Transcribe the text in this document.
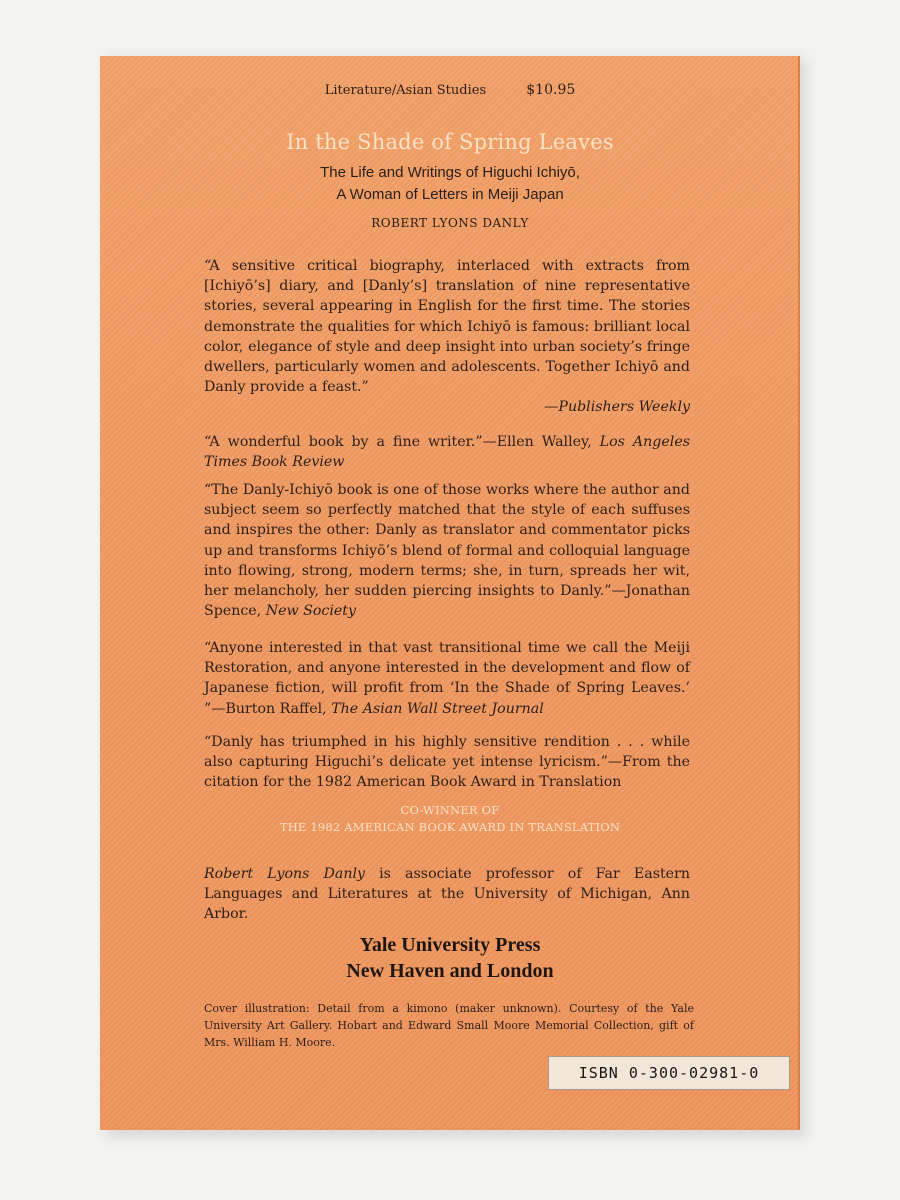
Literature/Asian Studies	$10.95
In the Shade of Spring Leaves
The Life and Writings of Higuchi Ichiyō,
A Woman of Letters in Meiji Japan
ROBERT LYONS DANLY
“A sensitive critical biography, interlaced with extracts from [Ichiyō’s] diary, and [Danly’s] translation of nine representative stories, several appearing in English for the first time. The stories demonstrate the qualities for which Ichiyō is famous: brilliant local color, elegance of style and deep insight into urban society’s fringe dwellers, particularly women and adolescents. Together Ichiyō and Danly provide a feast.”
—Publishers Weekly
“A wonderful book by a fine writer.”—Ellen Walley, Los Angeles Times Book Review
“The Danly-Ichiyō book is one of those works where the author and subject seem so perfectly matched that the style of each suffuses and inspires the other: Danly as translator and commentator picks up and transforms Ichiyō’s blend of formal and colloquial language into flowing, strong, modern terms; she, in turn, spreads her wit, her melancholy, her sudden piercing insights to Danly.”—Jonathan Spence, New Society
“Anyone interested in that vast transitional time we call the Meiji Restoration, and anyone interested in the development and flow of Japanese fiction, will profit from ‘In the Shade of Spring Leaves.’ ”—Burton Raffel, The Asian Wall Street Journal
“Danly has triumphed in his highly sensitive rendition . . . while also capturing Higuchi’s delicate yet intense lyricism.”—From the citation for the 1982 American Book Award in Translation
CO-WINNER OF
THE 1982 AMERICAN BOOK AWARD IN TRANSLATION
Robert Lyons Danly is associate professor of Far Eastern Languages and Literatures at the University of Michigan, Ann Arbor.
Yale University Press
New Haven and London
Cover illustration: Detail from a kimono (maker unknown). Courtesy of the Yale University Art Gallery. Hobart and Edward Small Moore Memorial Collection, gift of Mrs. William H. Moore.
ISBN 0-300-02981-0
